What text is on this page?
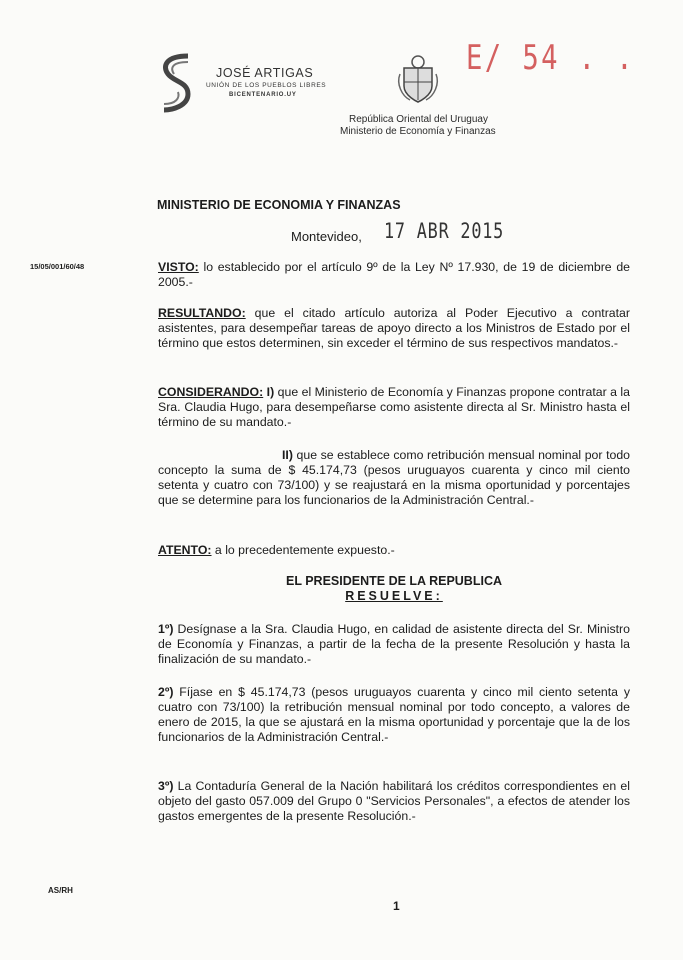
JOSÉ ARTIGAS
UNIÓN DE LOS PUEBLOS LIBRES
BICENTENARIO.UY
E/ 54 . .
República Oriental del Uruguay
Ministerio de Economía y Finanzas
MINISTERIO DE ECONOMIA Y FINANZAS
Montevideo, 17 ABR 2015
15/05/001/60/48	VISTO: lo establecido por el artículo 9º de la Ley Nº 17.930, de 19 de diciembre de 2005.-
RESULTANDO: que el citado artículo autoriza al Poder Ejecutivo a contratar asistentes, para desempeñar tareas de apoyo directo a los Ministros de Estado por el término que estos determinen, sin exceder el término de sus respectivos mandatos.-
CONSIDERANDO: I) que el Ministerio de Economía y Finanzas propone contratar a la Sra. Claudia Hugo, para desempeñarse como asistente directa al Sr. Ministro hasta el término de su mandato.-
II) que se establece como retribución mensual nominal por todo concepto la suma de $ 45.174,73 (pesos uruguayos cuarenta y cinco mil ciento setenta y cuatro con 73/100) y se reajustará en la misma oportunidad y porcentajes que se determine para los funcionarios de la Administración Central.-
ATENTO: a lo precedentemente expuesto.-
EL PRESIDENTE DE LA REPUBLICA
RESUELVE:
1º) Desígnase a la Sra. Claudia Hugo, en calidad de asistente directa del Sr. Ministro de Economía y Finanzas, a partir de la fecha de la presente Resolución y hasta la finalización de su mandato.-
2º) Fíjase en $ 45.174,73 (pesos uruguayos cuarenta y cinco mil ciento setenta y cuatro con 73/100) la retribución mensual nominal por todo concepto, a valores de enero de 2015, la que se ajustará en la misma oportunidad y porcentaje que la de los funcionarios de la Administración Central.-
3º) La Contaduría General de la Nación habilitará los créditos correspondientes en el objeto del gasto 057.009 del Grupo 0 "Servicios Personales", a efectos de atender los gastos emergentes de la presente Resolución.-
AS/RH
1
